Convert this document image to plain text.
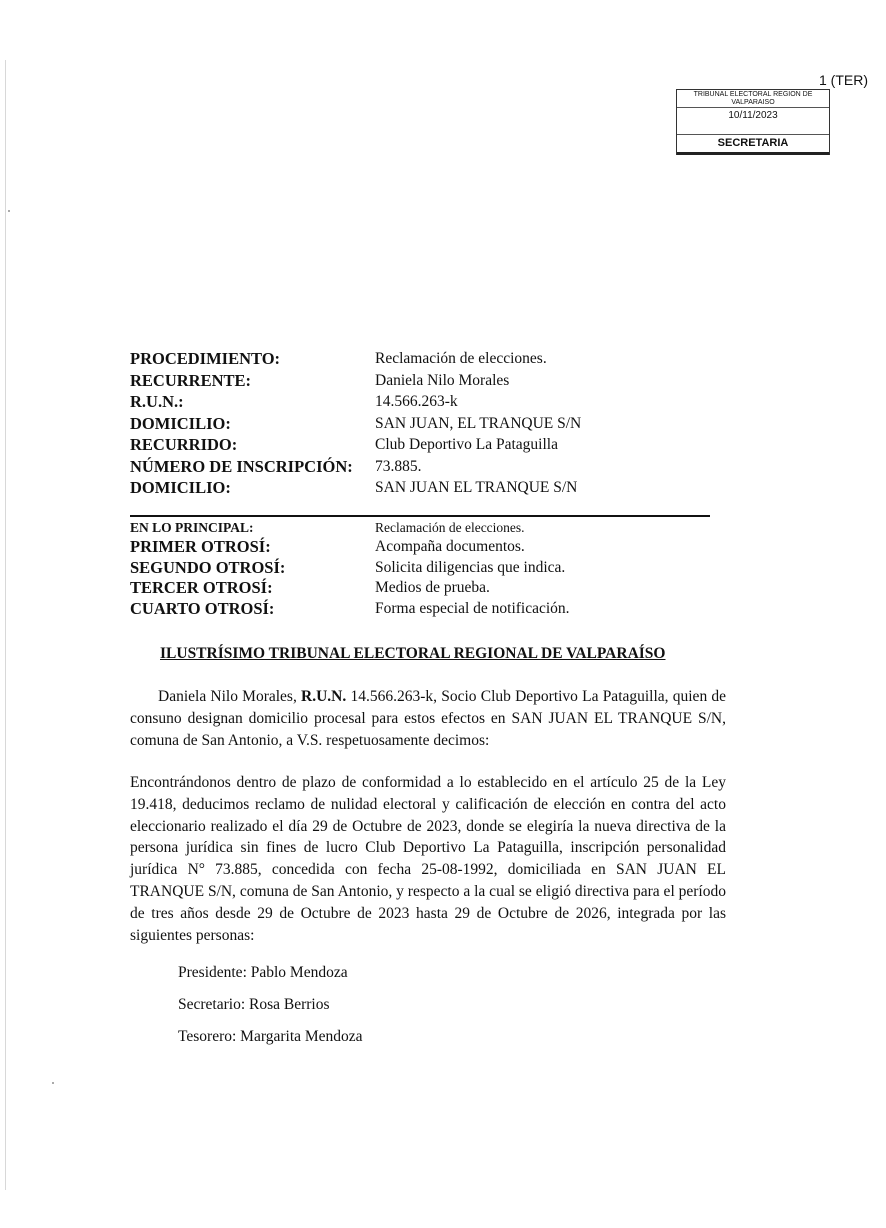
1 (TER)
TRIBUNAL ELECTORAL REGION DE VALPARAISO
10/11/2023
SECRETARIA
PROCEDIMIENTO:	Reclamación de elecciones.
RECURRENTE:	Daniela Nilo Morales
R.U.N.:	14.566.263-k
DOMICILIO:	SAN JUAN, EL TRANQUE S/N
RECURRIDO:	Club Deportivo La Pataguilla
NÚMERO DE INSCRIPCIÓN:	73.885.
DOMICILIO:	SAN JUAN EL TRANQUE S/N
EN LO PRINCIPAL:	Reclamación de elecciones.
PRIMER OTROSÍ:	Acompaña documentos.
SEGUNDO OTROSÍ:	Solicita diligencias que indica.
TERCER OTROSÍ:	Medios de prueba.
CUARTO OTROSÍ:	Forma especial de notificación.
ILUSTRÍSIMO TRIBUNAL ELECTORAL REGIONAL DE VALPARAÍSO
Daniela Nilo Morales, R.U.N. 14.566.263-k, Socio Club Deportivo La Pataguilla, quien de consuno designan domicilio procesal para estos efectos en SAN JUAN EL TRANQUE S/N, comuna de San Antonio, a V.S. respetuosamente decimos:
Encontrándonos dentro de plazo de conformidad a lo establecido en el artículo 25 de la Ley 19.418, deducimos reclamo de nulidad electoral y calificación de elección en contra del acto eleccionario realizado el día 29 de Octubre de 2023, donde se elegiría la nueva directiva de la persona jurídica sin fines de lucro Club Deportivo La Pataguilla, inscripción personalidad jurídica N° 73.885, concedida con fecha 25-08-1992, domiciliada en SAN JUAN EL TRANQUE S/N, comuna de San Antonio, y respecto a la cual se eligió directiva para el período de tres años desde 29 de Octubre de 2023 hasta 29 de Octubre de 2026, integrada por las siguientes personas:
Presidente: Pablo Mendoza
Secretario: Rosa Berrios
Tesorero: Margarita Mendoza
